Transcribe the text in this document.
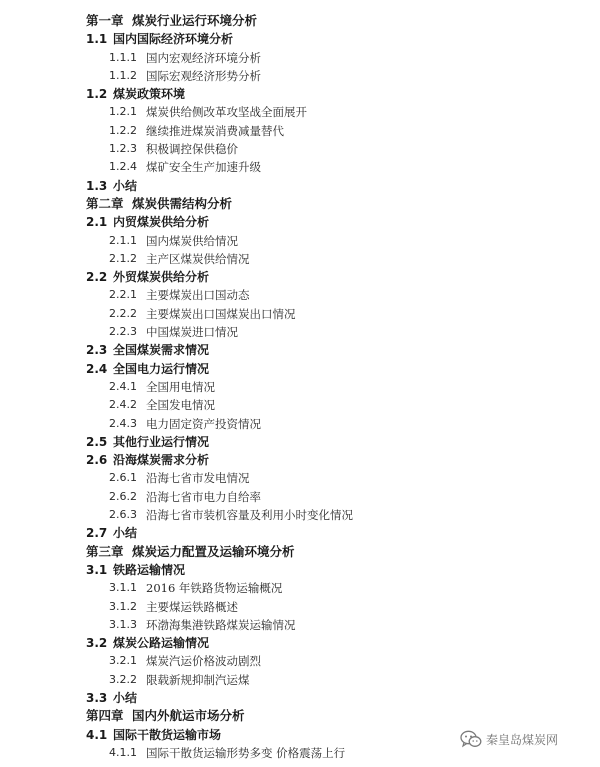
第一章 煤炭行业运行环境分析
1.1 国内国际经济环境分析
1.1.1 国内宏观经济环境分析
1.1.2 国际宏观经济形势分析
1.2 煤炭政策环境
1.2.1 煤炭供给侧改革攻坚战全面展开
1.2.2 继续推进煤炭消费减量替代
1.2.3 积极调控保供稳价
1.2.4 煤矿安全生产加速升级
1.3 小结
第二章 煤炭供需结构分析
2.1 内贸煤炭供给分析
2.1.1 国内煤炭供给情况
2.1.2 主产区煤炭供给情况
2.2 外贸煤炭供给分析
2.2.1 主要煤炭出口国动态
2.2.2 主要煤炭出口国煤炭出口情况
2.2.3 中国煤炭进口情况
2.3 全国煤炭需求情况
2.4 全国电力运行情况
2.4.1 全国用电情况
2.4.2 全国发电情况
2.4.3 电力固定资产投资情况
2.5 其他行业运行情况
2.6 沿海煤炭需求分析
2.6.1 沿海七省市发电情况
2.6.2 沿海七省市电力自给率
2.6.3 沿海七省市装机容量及利用小时变化情况
2.7 小结
第三章 煤炭运力配置及运输环境分析
3.1 铁路运输情况
3.1.1 2016 年铁路货物运输概况
3.1.2 主要煤运铁路概述
3.1.3 环渤海集港铁路煤炭运输情况
3.2 煤炭公路运输情况
3.2.1 煤炭汽运价格波动剧烈
3.2.2 限载新规抑制汽运煤
3.3 小结
第四章 国内外航运市场分析
4.1 国际干散货运输市场
4.1.1 国际干散货运输形势多变 价格震荡上行
秦皇岛煤炭网
